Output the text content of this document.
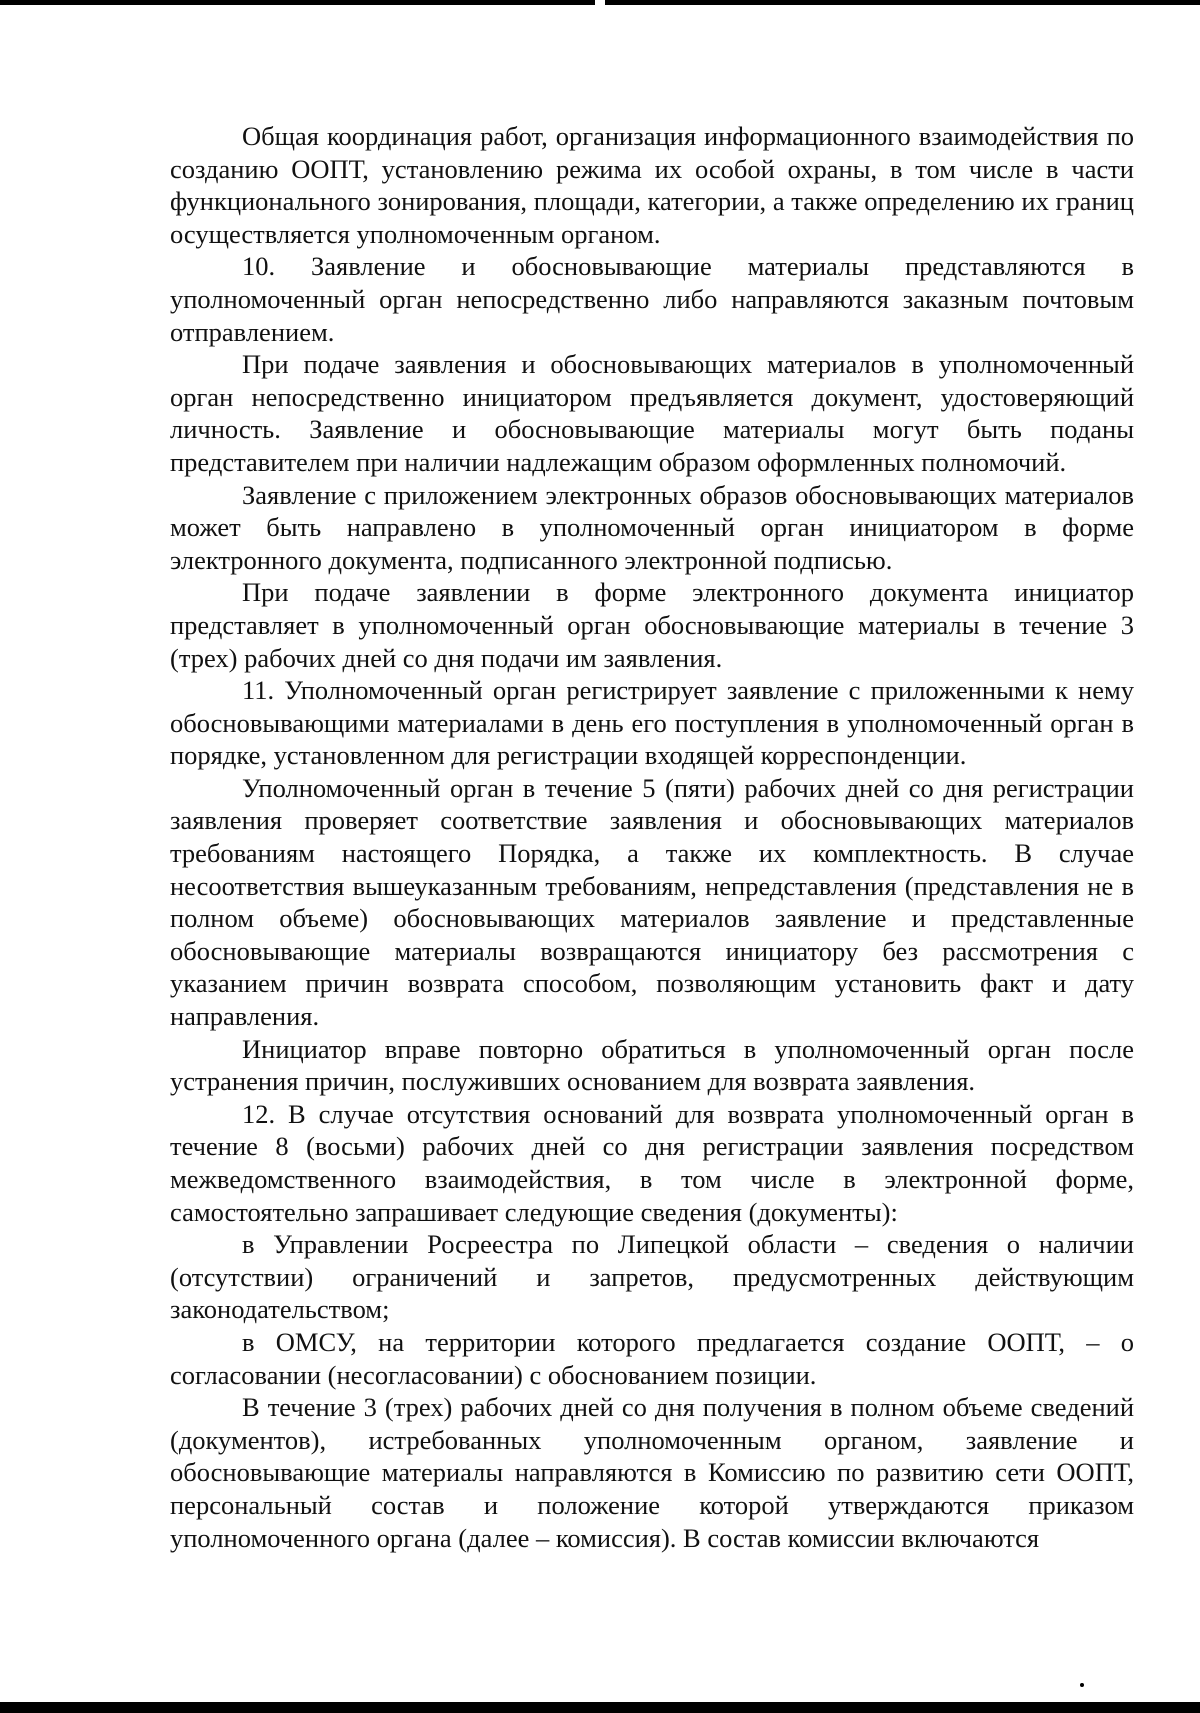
Общая координация работ, организация информационного взаимодействия по созданию ООПТ, установлению режима их особой охраны, в том числе в части функционального зонирования, площади, категории, а также определению их границ осуществляется уполномоченным органом.

10. Заявление и обосновывающие материалы представляются в уполномоченный орган непосредственно либо направляются заказным почтовым отправлением.

При подаче заявления и обосновывающих материалов в уполномоченный орган непосредственно инициатором предъявляется документ, удостоверяющий личность. Заявление и обосновывающие материалы могут быть поданы представителем при наличии надлежащим образом оформленных полномочий.

Заявление с приложением электронных образов обосновывающих материалов может быть направлено в уполномоченный орган инициатором в форме электронного документа, подписанного электронной подписью.

При подаче заявлении в форме электронного документа инициатор представляет в уполномоченный орган обосновывающие материалы в течение 3 (трех) рабочих дней со дня подачи им заявления.

11. Уполномоченный орган регистрирует заявление с приложенными к нему обосновывающими материалами в день его поступления в уполномоченный орган в порядке, установленном для регистрации входящей корреспонденции.

Уполномоченный орган в течение 5 (пяти) рабочих дней со дня регистрации заявления проверяет соответствие заявления и обосновывающих материалов требованиям настоящего Порядка, а также их комплектность. В случае несоответствия вышеуказанным требованиям, непредставления (представления не в полном объеме) обосновывающих материалов заявление и представленные обосновывающие материалы возвращаются инициатору без рассмотрения с указанием причин возврата способом, позволяющим установить факт и дату направления.

Инициатор вправе повторно обратиться в уполномоченный орган после устранения причин, послуживших основанием для возврата заявления.

12. В случае отсутствия оснований для возврата уполномоченный орган в течение 8 (восьми) рабочих дней со дня регистрации заявления посредством межведомственного взаимодействия, в том числе в электронной форме, самостоятельно запрашивает следующие сведения (документы):

в Управлении Росреестра по Липецкой области – сведения о наличии (отсутствии) ограничений и запретов, предусмотренных действующим законодательством;

в ОМСУ, на территории которого предлагается создание ООПТ, – о согласовании (несогласовании) с обоснованием позиции.

В течение 3 (трех) рабочих дней со дня получения в полном объеме сведений (документов), истребованных уполномоченным органом, заявление и обосновывающие материалы направляются в Комиссию по развитию сети ООПТ, персональный состав и положение которой утверждаются приказом уполномоченного органа (далее – комиссия). В состав комиссии включаются
